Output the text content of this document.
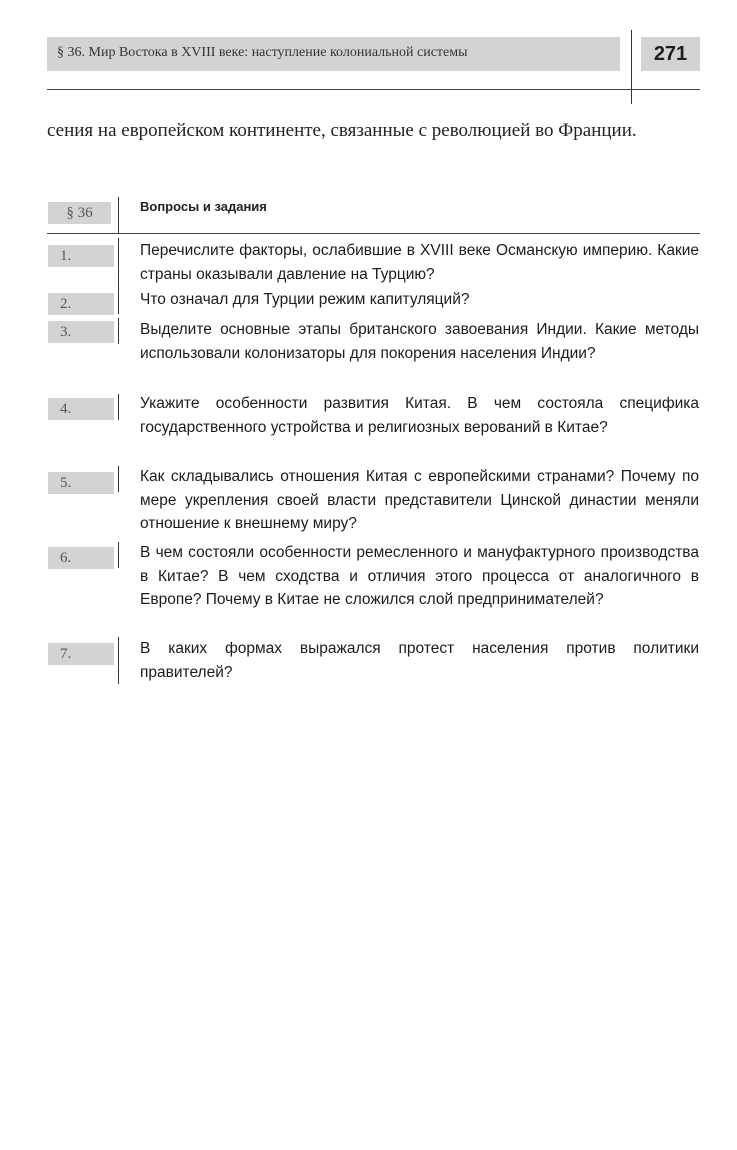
§ 36. Мир Востока в XVIII веке: наступление колониальной системы	271
сения на европейском континенте, связанные с революцией во Франции.
§ 36	Вопросы и задания
1.	Перечислите факторы, ослабившие в XVIII веке Османскую империю. Какие страны оказывали давление на Турцию?
2.	Что означал для Турции режим капитуляций?
3.	Выделите основные этапы британского завоевания Индии. Какие методы использовали колонизаторы для покорения населения Индии?
4.	Укажите особенности развития Китая. В чем состояла специфика государственного устройства и религиозных верований в Китае?
5.	Как складывались отношения Китая с европейскими странами? Почему по мере укрепления своей власти представители Цинской династии меняли отношение к внешнему миру?
6.	В чем состояли особенности ремесленного и мануфактурного производства в Китае? В чем сходства и отличия этого процесса от аналогичного в Европе? Почему в Китае не сложился слой предпринимателей?
7.	В каких формах выражался протест населения против политики правителей?
